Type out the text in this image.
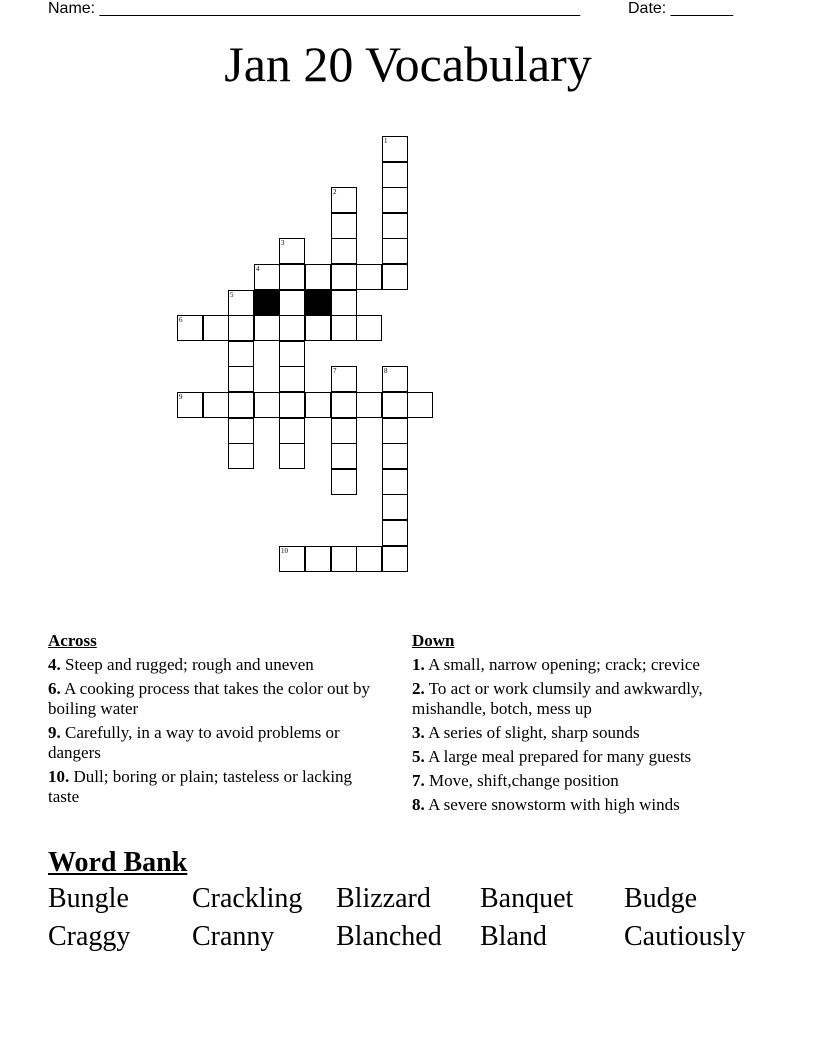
Name: ______________________________________________________	Date: _______
Jan 20 Vocabulary
1
2
3
4
5
6
7	8
9
10
Across
4. Steep and rugged; rough and uneven
6. A cooking process that takes the color out by boiling water
9. Carefully, in a way to avoid problems or dangers
10. Dull; boring or plain; tasteless or lacking taste
Down
1. A small, narrow opening; crack; crevice
2. To act or work clumsily and awkwardly, mishandle, botch, mess up
3. A series of slight, sharp sounds
5. A large meal prepared for many guests
7. Move, shift,change position
8. A severe snowstorm with high winds
Word Bank
Bungle	Crackling	Blizzard	Banquet	Budge
Craggy	Cranny	Blanched	Bland	Cautiously
